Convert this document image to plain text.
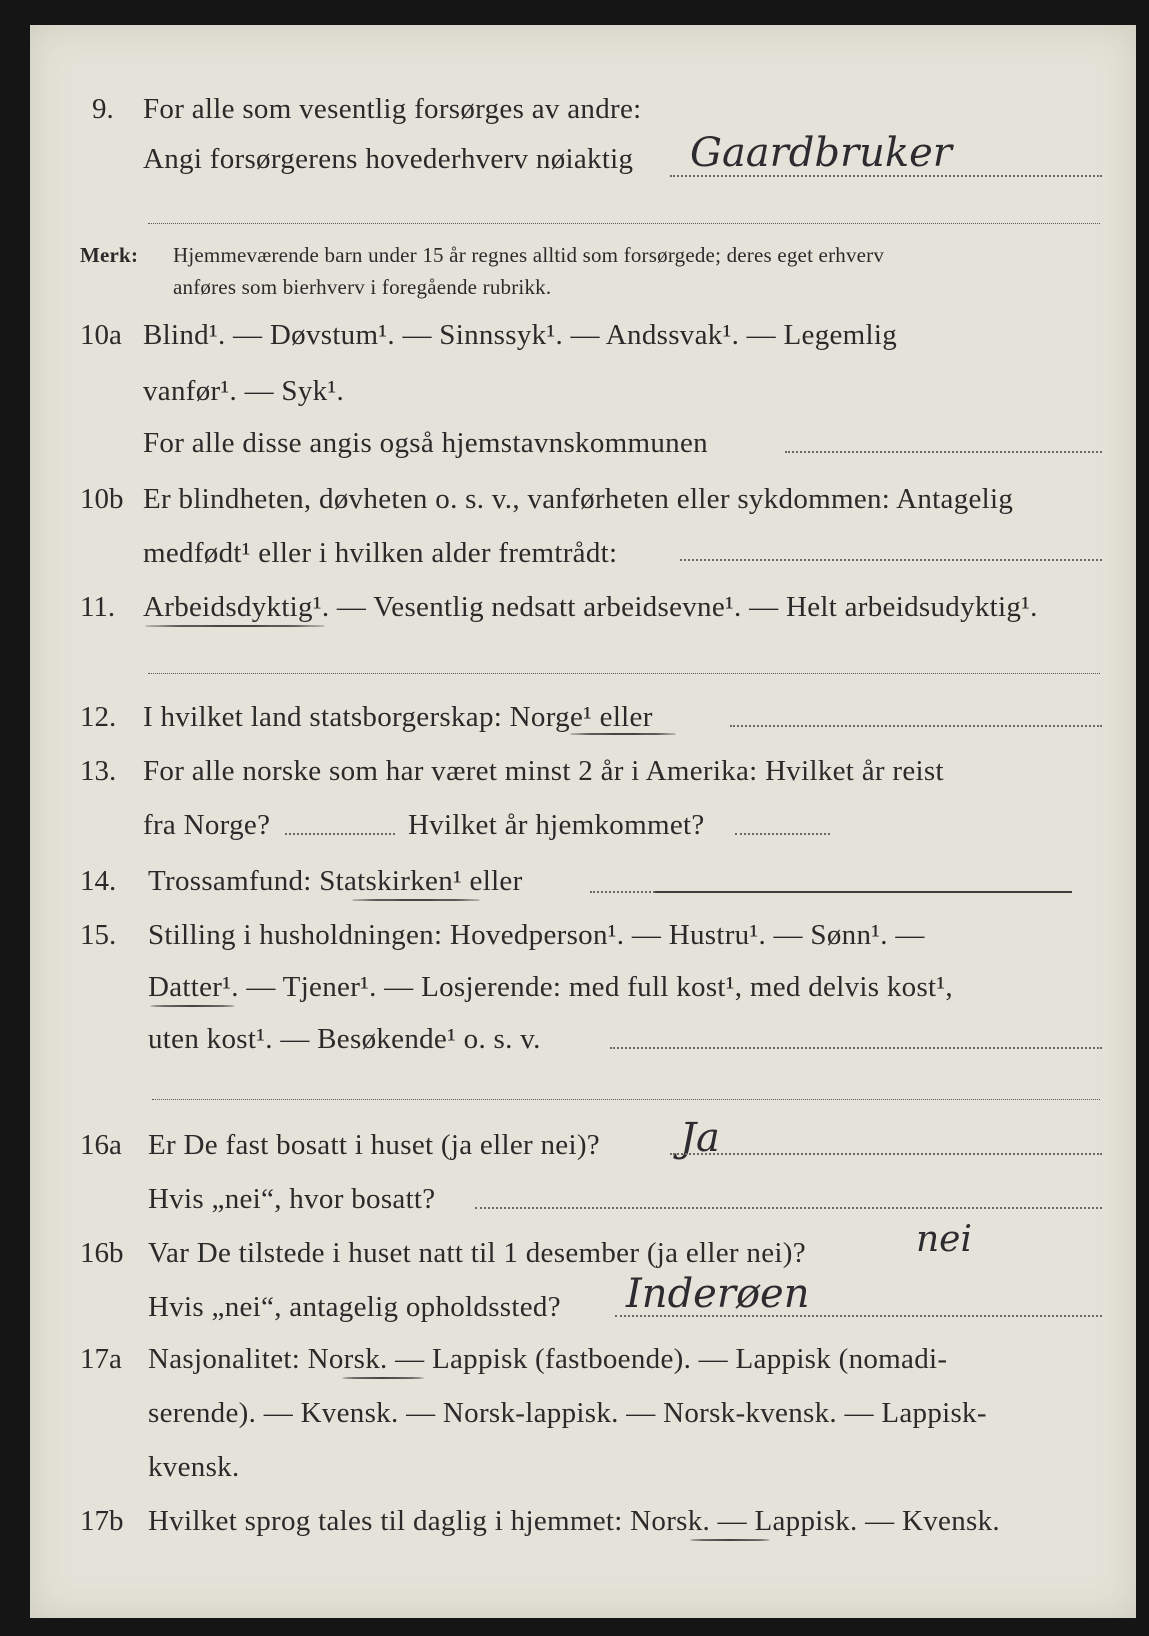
9. For alle som vesentlig forsørges av andre:
Angi forsørgerens hovederhverv nøiaktig Gaardbruker
Merk: Hjemmeværende barn under 15 år regnes alltid som forsørgede; deres eget erhverv
anføres som bierhverv i foregående rubrikk.
10a Blind¹. — Døvstum¹. — Sinnssyk¹. — Andssvak¹. — Legemlig
vanfør¹. — Syk¹.
For alle disse angis også hjemstavnskommunen
10b Er blindheten, døvheten o. s. v., vanførheten eller sykdommen: Antagelig
medfødt¹ eller i hvilken alder fremtrådt:
11. Arbeidsdyktig¹. — Vesentlig nedsatt arbeidsevne¹. — Helt arbeidsudyktig¹.
12. I hvilket land statsborgerskap: Norge¹ eller
13. For alle norske som har været minst 2 år i Amerika: Hvilket år reist
fra Norge?	Hvilket år hjemkommet?
14. Trossamfund: Statskirken¹ eller
15. Stilling i husholdningen: Hovedperson¹. — Hustru¹. — Sønn¹. —
Datter¹. — Tjener¹. — Losjerende: med full kost¹, med delvis kost¹,
uten kost¹. — Besøkende¹ o. s. v.
16a Er De fast bosatt i huset (ja eller nei)? Ja
Hvis „nei“, hvor bosatt?
16b Var De tilstede i huset natt til 1 desember (ja eller nei)?	nei
Hvis „nei“, antagelig opholdssted? Inderøen
17a Nasjonalitet: Norsk. — Lappisk (fastboende). — Lappisk (nomadi-
serende). — Kvensk. — Norsk-lappisk. — Norsk-kvensk. — Lappisk-
kvensk.
17b Hvilket sprog tales til daglig i hjemmet: Norsk. — Lappisk. — Kvensk.
